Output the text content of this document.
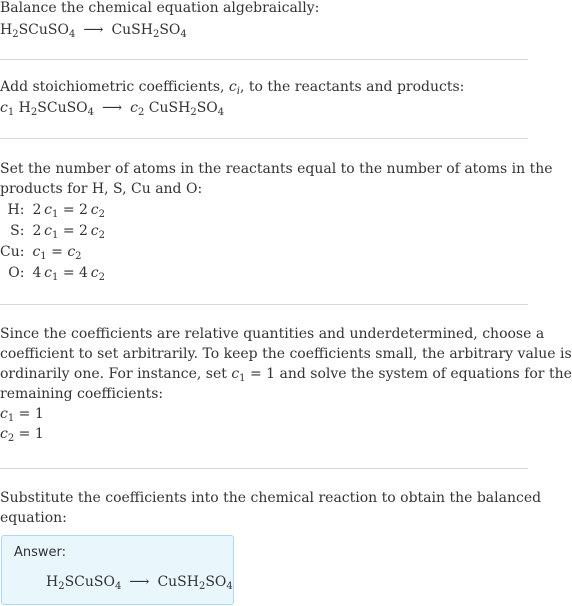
Balance the chemical equation algebraically:
$H_2SCuSO_4$ ⟶ $CuSH_2SO_4$
Add stoichiometric coefficients, $c_i$, to the reactants and products:
$c_1$ $H_2SCuSO_4$ ⟶ $c_2$ $CuSH_2SO_4$
Set the number of atoms in the reactants equal to the number of atoms in the
products for H, S, Cu and O:
H:	2  $c_1 = 2$  $c_2$
S:	2  $c_1 = 2$  $c_2$
Cu:	$c_1 = c_2$
O:	4  $c_1 = 4$  $c_2$
Since the coefficients are relative quantities and underdetermined, choose a
coefficient to set arbitrarily. To keep the coefficients small, the arbitrary value is
ordinarily one. For instance, set $c_1 = 1$ and solve the system of equations for the
remaining coefficients:
$c_1 = 1$
$c_2 = 1$
Substitute the coefficients into the chemical reaction to obtain the balanced
equation:
Answer:
$H_2SCuSO_4$ ⟶ $CuSH_2SO_4$
